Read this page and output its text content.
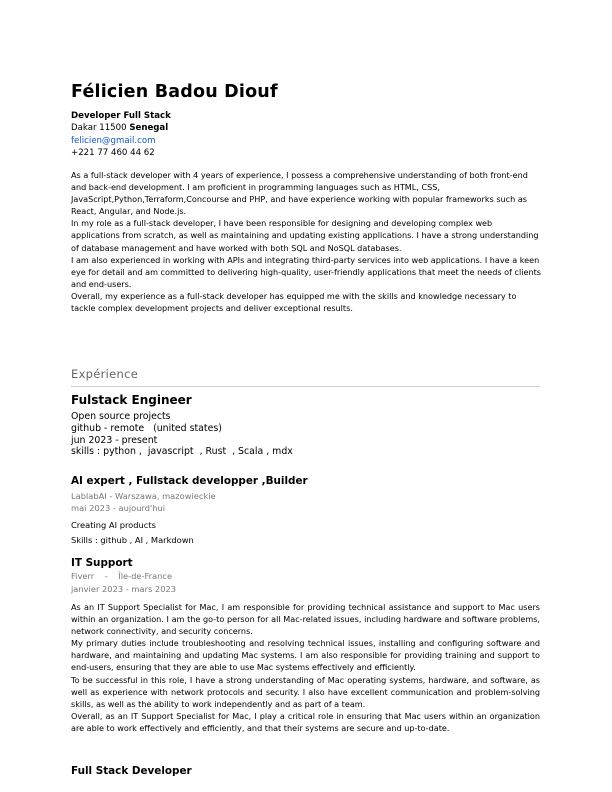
Félicien Badou Diouf
Developer Full Stack
Dakar 11500 Senegal
felicien@gmail.com
+221 77 460 44 62

As a full-stack developer with 4 years of experience, I possess a comprehensive understanding of both front-end and back-end development. I am proficient in programming languages such as HTML, CSS, JavaScript,Python,Terraform,Concourse and PHP, and have experience working with popular frameworks such as React, Angular, and Node.js.

In my role as a full-stack developer, I have been responsible for designing and developing complex web applications from scratch, as well as maintaining and updating existing applications. I have a strong understanding of database management and have worked with both SQL and NoSQL databases.

I am also experienced in working with APIs and integrating third-party services into web applications. I have a keen eye for detail and am committed to delivering high-quality, user-friendly applications that meet the needs of clients and end-users.

Overall, my experience as a full-stack developer has equipped me with the skills and knowledge necessary to tackle complex development projects and deliver exceptional results.

Expérience
Fulstack Engineer
Open source projects
github - remote   (united states)
jun 2023 - present
skills : python ,  javascript  , Rust  , Scala , mdx
AI expert , Fullstack developper ,Builder
LablabAI - Warszawa, mazowieckie
mai 2023 - aujourd'hui
Creating AI products
Skills : github , AI , Markdown
IT Support
Fiverr    -    Île-de-France
janvier 2023 - mars 2023

As an IT Support Specialist for Mac, I am responsible for providing technical assistance and support to Mac users within an organization. I am the go-to person for all Mac-related issues, including hardware and software problems, network connectivity, and security concerns.

My primary duties include troubleshooting and resolving technical issues, installing and configuring software and hardware, and maintaining and updating Mac systems. I am also responsible for providing training and support to end-users, ensuring that they are able to use Mac systems effectively and efficiently.

To be successful in this role, I have a strong understanding of Mac operating systems, hardware, and software, as well as experience with network protocols and security. I also have excellent communication and problem-solving skills, as well as the ability to work independently and as part of a team.

Overall, as an IT Support Specialist for Mac, I play a critical role in ensuring that Mac users within an organization are able to work effectively and efficiently, and that their systems are secure and up-to-date.

Full Stack Developer
